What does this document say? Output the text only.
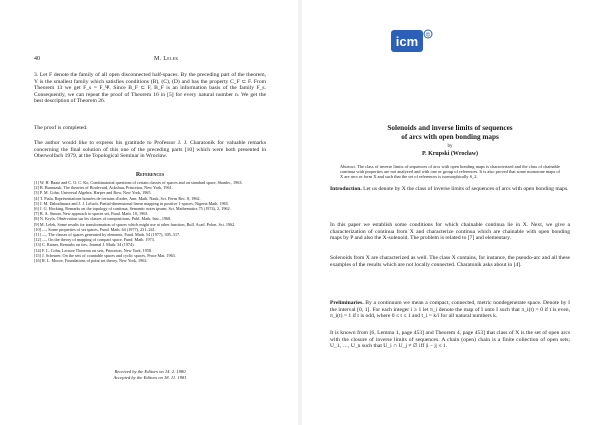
40	M. Lelek

3. Let F denote the family of all open disconnected half-spaces. By the preceding part of the theorem, Y is the smallest family which satisfies conditions (B), (C), (D) and has the property C_F ⊂ F. From Theorem 13 we get F_s = F_Ψ. Since B_F ⊂ F, B_F is an information basis of the family F_s. Consequently, we can repeat the proof of Theorem 16 in [5] for every natural number n. We get the best description of Theorem 26.

The proof is completed.

The author would like to express his gratitude to Professor J. J. Charatonik for valuable remarks concerning the final solution of this one of the preceding parts [10] which were both presented in Oberwolfach 1979, at the Topological Seminar in Wrocław.

References
[1] W. H. Baatz and C. O. C. Ko, Combinatorial questions of certain classes of spaces and on standard space, Shankv., 1963.
[2] B. Bunaszuk, The theories of Boulevard, Ackshuu, Princeton, New York, 1961.
[3] P. M. Cohn, Universal Algebra, Harper and Row, New York, 1965.
[4] T. Fiala, Représentations bornées de certains d'ordre, Ann. Math. Nauk, Sci. Ferns Rec. 8, 1962.
[5] J. M. Dahodimura and J. J. Leluch, Partial-dimensional linear mapping in positive 1-spaces, Nigeria Math. 1965.
[6] J. G. Hocking, Remarks on the topology of continua, Semantic notes ipsum, Sci. Mathematics 75 (1974), 2, 1962.
[7] B. A. Simon, New approach to spaces set, Fund. Math. 10, 1963.
[8] N. Kryla, Obsérvation sur les classes of compositions, Publ. Math. Inst., 1968.
[9] M. Lelek, Some results for transformation of spaces which might use at other function, Bull. Acad. Polon. Sci. 1962.
[10] —, Some properties of set spaces, Fund. Math. 64 (1977), 231–241.
[11] —, The classes of spaces generated by elements, Fund. Math. 54 (1977), 305–317.
[12] —, On the theory of mapping of compact space, Fund. Math. 1973.
[13] C. Rainer, Remarks on ties, Journal J. Math. 34 (1974).
[14] F. L. Cohn, Lecture Theorem on sets, Princeton, New York, 1958.
[15] J. Scheurer, On the sets of countable spaces and cyclic spaces, Prace Mat. 1963.
[16] R. L. Moore, Foundations of point set theory, New York, 1962.
Received by the Editors on 14. 2. 1980
Accepted by the Editors on 18. 11. 1981
icm ©
Solenoids and inverse limits of sequences
of arcs with open bonding maps
by
P. Krupski (Wrocław)

Abstract. The class of inverse limits of sequences of arcs with open bonding maps is characterized and the class of chainable continua with properties are not analyzed and with one or group of references. It is also proved that some monotone maps of X are arcs or form X and such that the set of references is isomorphically S_2.

Introduction. Let us denote by X the class of inverse limits of sequences of arcs with open bonding maps.

In this paper we establish some conditions for which chainable continua lie in X. Next, we give a characterization of continua from X and characterize continua which are chainable with open bonding maps by P and also the X-solenoid. The problem is related to [7] and elementary.

Solenoids from X are characterized as well. The class X contains, for instance, the pseudo-arc and all these examples of the results which are not locally connected. Charatonik asks about in [4].

Preliminaries. By a continuum we mean a compact, connected, metric nondegenerate space. Denote by I the interval [0, 1]. For each integer i ≥ 1 let π_i denote the map of I onto I such that π_i(t) = 0 if t is even, π_i(t) = 1 if t is odd, where 0 ≤ t ≤ 1 and t_i = k/i for all natural numbers k.

It is known from [6, Lemma 1, page 453] and Theorem 4, page 453] that class of X is the set of open arcs with the closure of inverse limits of sequences. A chain (open) chain is a finite collection of open sets; U_1, …, U_n such that U_i ∩ U_j ≠ ∅ iff |i − j| ≤ 1.
